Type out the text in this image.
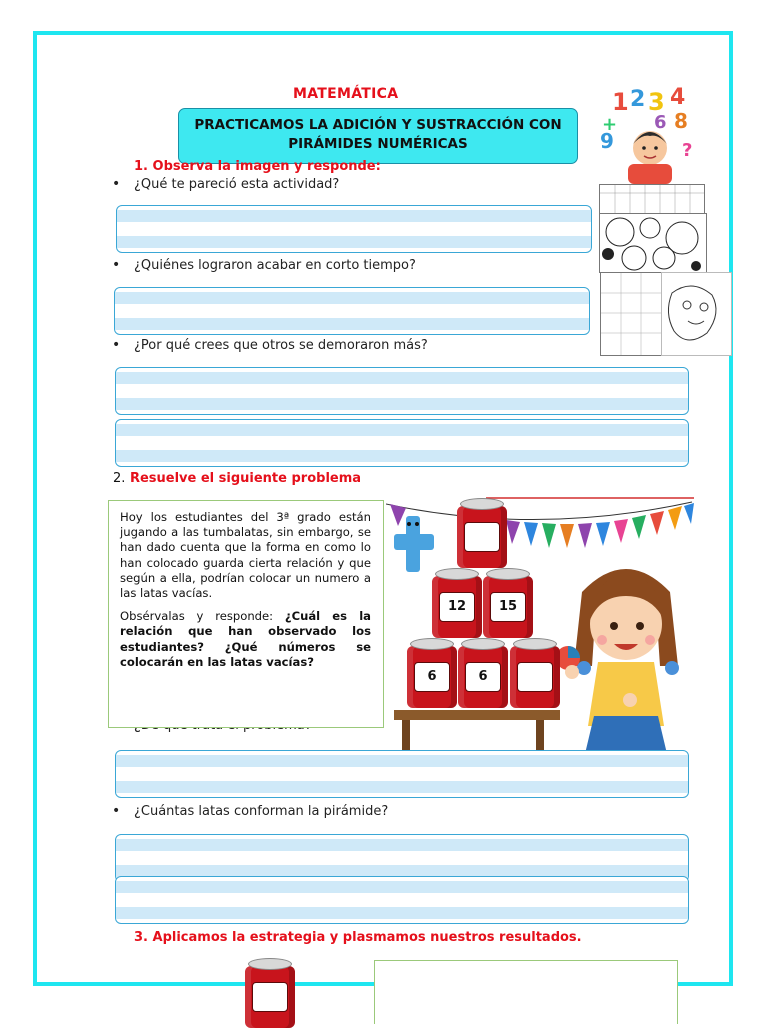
MATEMÁTICA
PRACTICAMOS LA ADICIÓN Y SUSTRACCIÓN CON PIRÁMIDES NUMÉRICAS
1 2 3 4
+ 6 8
9	?
1. Observa la imagen y responde:
• ¿Qué te pareció esta actividad?
• ¿Quiénes lograron acabar en corto tiempo?
• ¿Por qué crees que otros se demoraron más?
2. Resuelve el siguiente problema

Hoy los estudiantes del 3ª grado están jugando a las tumbalatas, sin embargo, se han dado cuenta que la forma en como lo han colocado guarda cierta relación y que según a ella, podrían colocar un numero a las latas vacías.

Obsérvalas y responde: ¿Cuál es la relación que han observado los estudiantes? ¿Qué números se colocarán en las latas vacías?

12	15
6	6
• ¿Cuántas latas conforman la pirámide?
3. Aplicamos la estrategia y plasmamos nuestros resultados.
